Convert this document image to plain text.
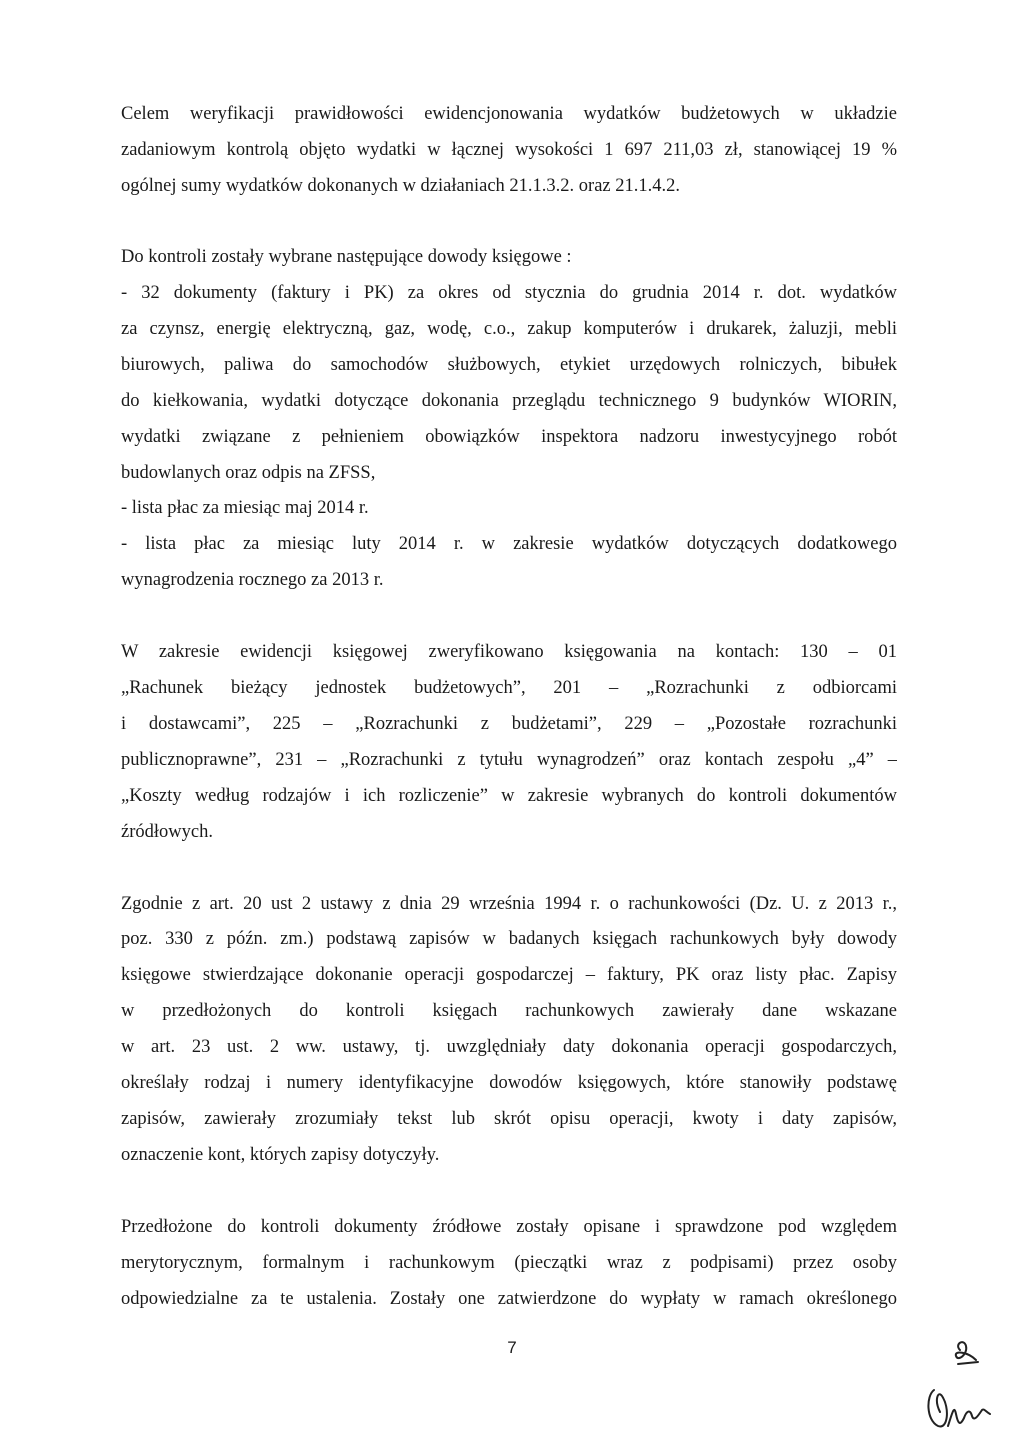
Celem weryfikacji prawidłowości ewidencjonowania wydatków budżetowych w układzie
zadaniowym kontrolą objęto wydatki w łącznej wysokości 1 697 211,03 zł, stanowiącej 19 %
ogólnej sumy wydatków dokonanych w działaniach 21.1.3.2. oraz 21.1.4.2.
Do kontroli zostały wybrane następujące dowody księgowe :
- 32 dokumenty (faktury i PK) za okres od stycznia do grudnia 2014 r. dot. wydatków
za czynsz, energię elektryczną, gaz, wodę, c.o., zakup komputerów i drukarek, żaluzji, mebli
biurowych, paliwa do samochodów służbowych, etykiet urzędowych rolniczych, bibułek
do kiełkowania, wydatki dotyczące dokonania przeglądu technicznego 9 budynków WIORIN,
wydatki związane z pełnieniem obowiązków inspektora nadzoru inwestycyjnego robót
budowlanych oraz odpis na ZFSS,
- lista płac za miesiąc maj 2014 r.
- lista płac za miesiąc luty 2014 r. w zakresie wydatków dotyczących dodatkowego
wynagrodzenia rocznego za 2013 r.
W zakresie ewidencji księgowej zweryfikowano księgowania na kontach: 130 – 01
„Rachunek bieżący jednostek budżetowych”, 201 – „Rozrachunki z odbiorcami
i dostawcami”, 225 – „Rozrachunki z budżetami”, 229 – „Pozostałe rozrachunki
publicznoprawne”, 231 – „Rozrachunki z tytułu wynagrodzeń” oraz kontach zespołu „4” –
„Koszty według rodzajów i ich rozliczenie” w zakresie wybranych do kontroli dokumentów
źródłowych.
Zgodnie z art. 20 ust 2 ustawy z dnia 29 września 1994 r. o rachunkowości (Dz. U. z 2013 r.,
poz. 330 z późn. zm.) podstawą zapisów w badanych księgach rachunkowych były dowody
księgowe stwierdzające dokonanie operacji gospodarczej – faktury, PK oraz listy płac. Zapisy
w przedłożonych do kontroli księgach rachunkowych zawierały dane wskazane
w art. 23 ust. 2 ww. ustawy, tj. uwzględniały daty dokonania operacji gospodarczych,
określały rodzaj i numery identyfikacyjne dowodów księgowych, które stanowiły podstawę
zapisów, zawierały zrozumiały tekst lub skrót opisu operacji, kwoty i daty zapisów,
oznaczenie kont, których zapisy dotyczyły.
Przedłożone do kontroli dokumenty źródłowe zostały opisane i sprawdzone pod względem
merytorycznym, formalnym i rachunkowym (pieczątki wraz z podpisami) przez osoby
odpowiedzialne za te ustalenia. Zostały one zatwierdzone do wypłaty w ramach określonego
7
